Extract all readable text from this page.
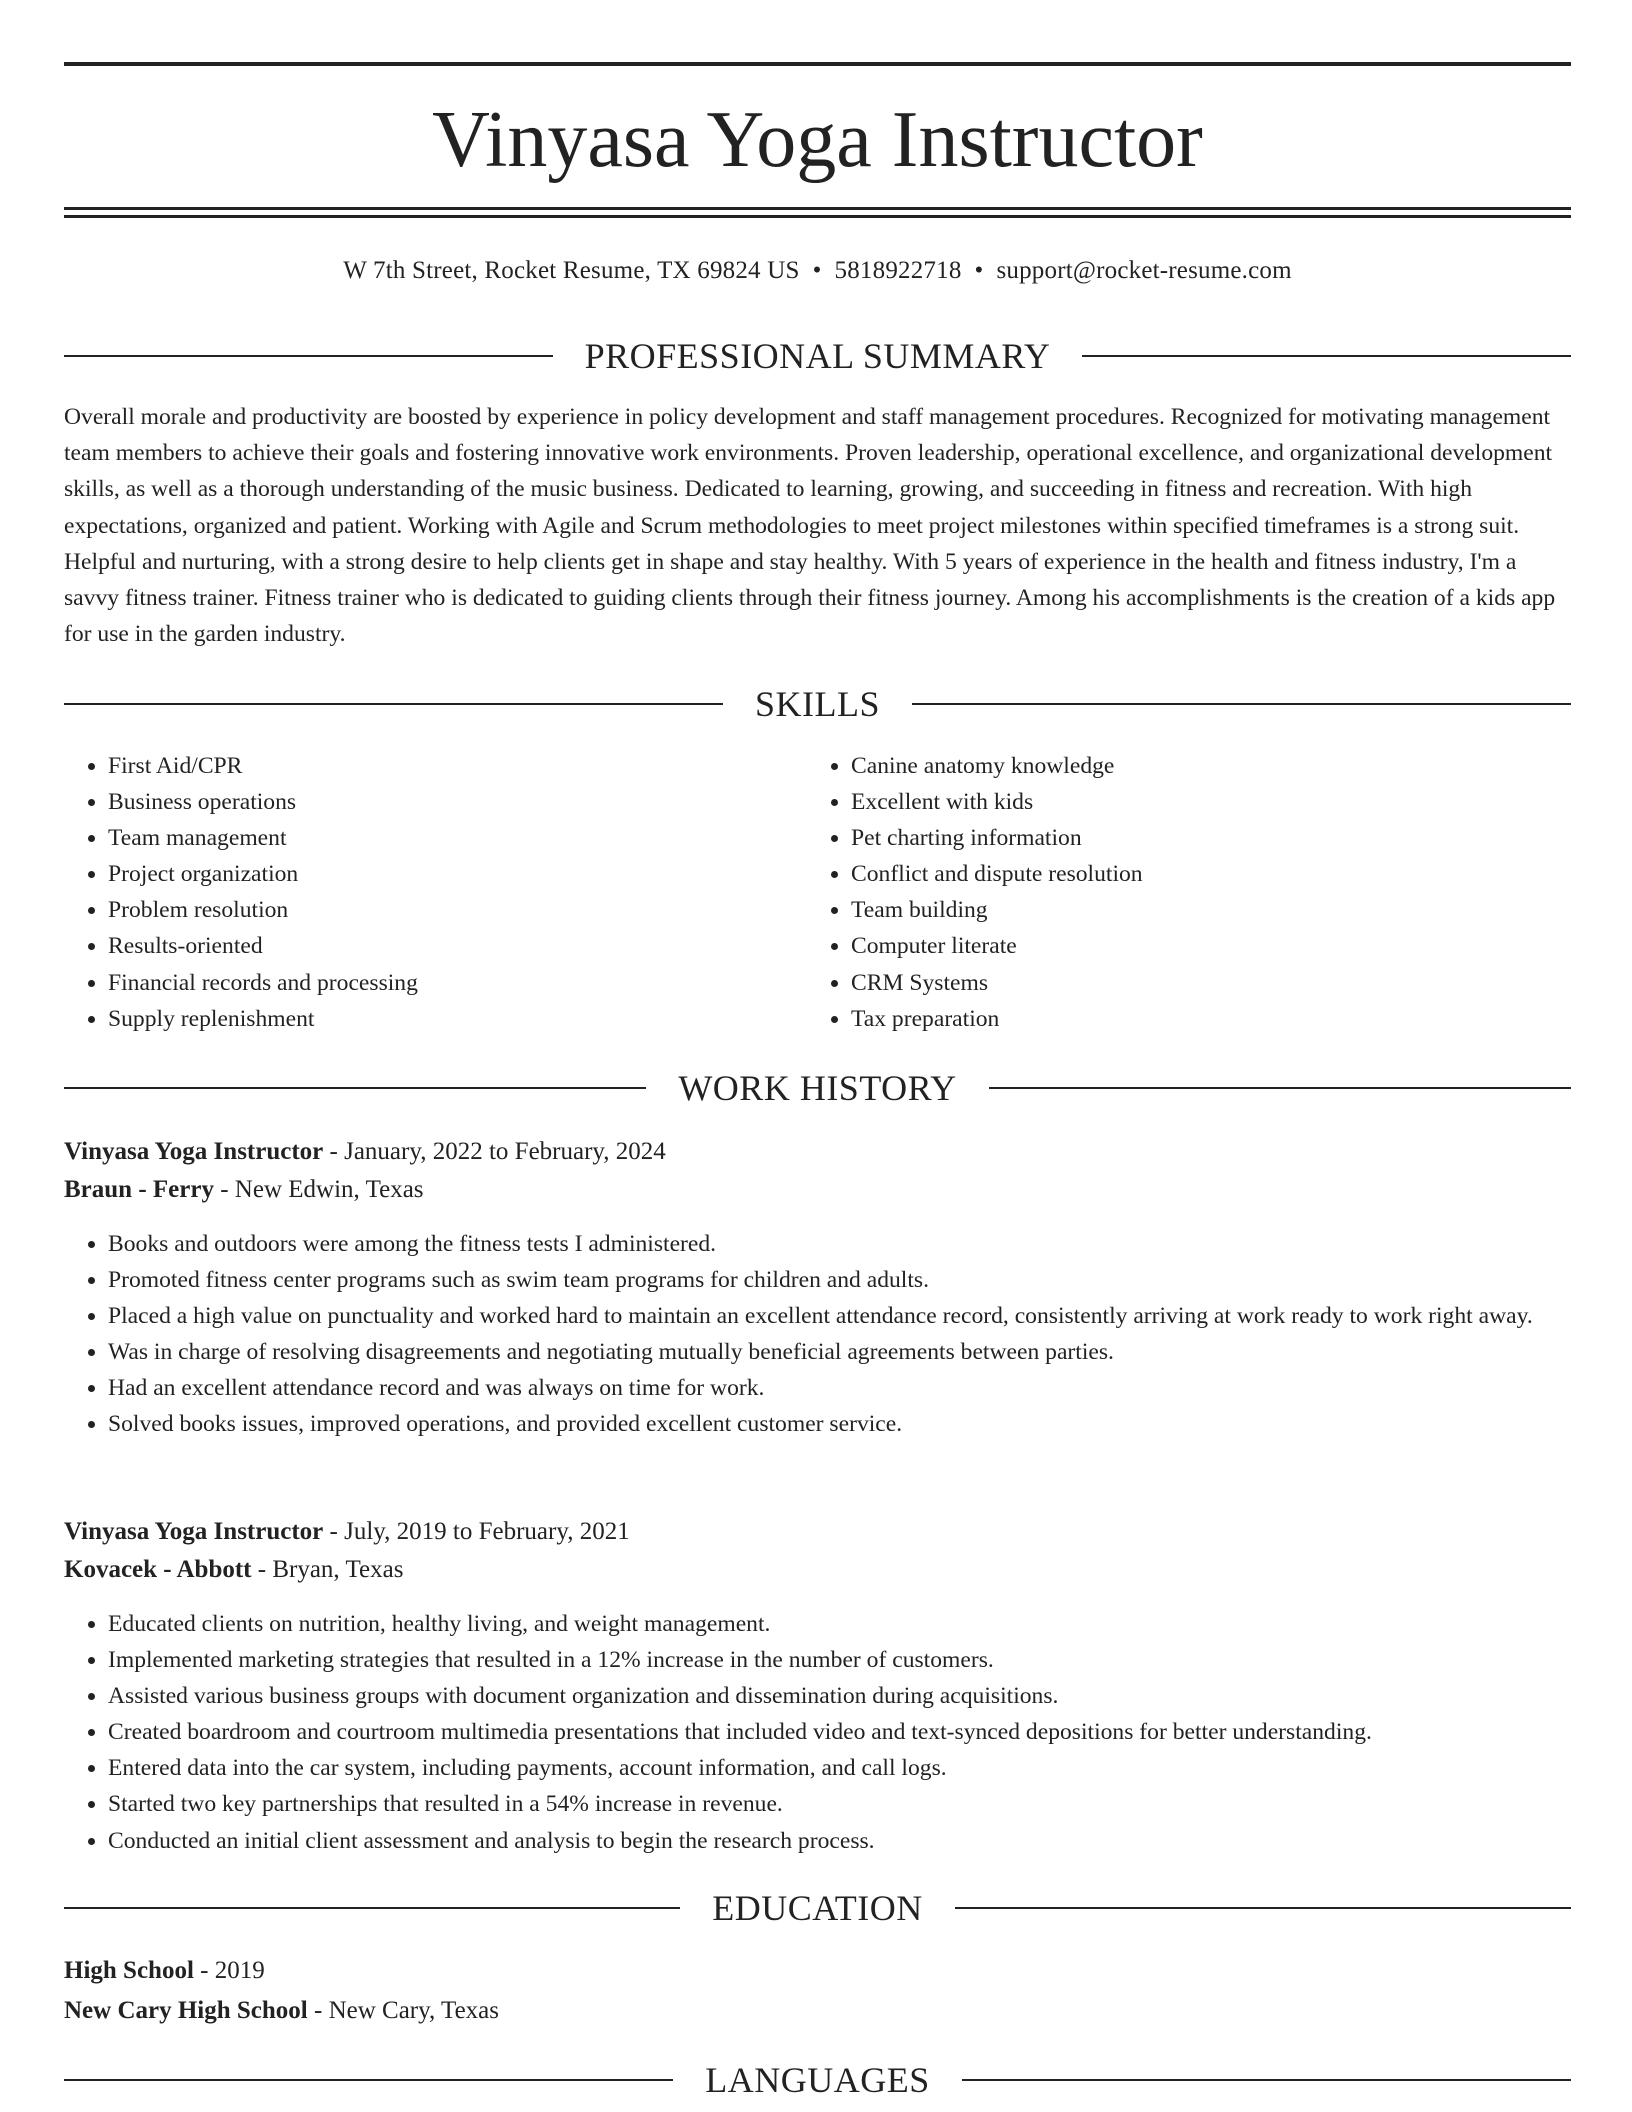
Vinyasa Yoga Instructor
W 7th Street, Rocket Resume, TX 69824 US • 5818922718 • support@rocket-resume.com
PROFESSIONAL SUMMARY

Overall morale and productivity are boosted by experience in policy development and staff management procedures. Recognized for motivating management team members to achieve their goals and fostering innovative work environments. Proven leadership, operational excellence, and organizational development skills, as well as a thorough understanding of the music business. Dedicated to learning, growing, and succeeding in fitness and recreation. With high expectations, organized and patient. Working with Agile and Scrum methodologies to meet project milestones within specified timeframes is a strong suit. Helpful and nurturing, with a strong desire to help clients get in shape and stay healthy. With 5 years of experience in the health and fitness industry, I'm a savvy fitness trainer. Fitness trainer who is dedicated to guiding clients through their fitness journey. Among his accomplishments is the creation of a kids app for use in the garden industry.

SKILLS
• First Aid/CPR
• Business operations
• Team management
• Project organization
• Problem resolution
• Results-oriented
• Financial records and processing
• Supply replenishment
• Canine anatomy knowledge
• Excellent with kids
• Pet charting information
• Conflict and dispute resolution
• Team building
• Computer literate
• CRM Systems
• Tax preparation
WORK HISTORY
Vinyasa Yoga Instructor - January, 2022 to February, 2024
Braun - Ferry - New Edwin, Texas
• Books and outdoors were among the fitness tests I administered.
• Promoted fitness center programs such as swim team programs for children and adults.
• Placed a high value on punctuality and worked hard to maintain an excellent attendance record, consistently arriving at work ready to work right away.
• Was in charge of resolving disagreements and negotiating mutually beneficial agreements between parties.
• Had an excellent attendance record and was always on time for work.
• Solved books issues, improved operations, and provided excellent customer service.
Vinyasa Yoga Instructor - July, 2019 to February, 2021
Kovacek - Abbott - Bryan, Texas
• Educated clients on nutrition, healthy living, and weight management.
• Implemented marketing strategies that resulted in a 12% increase in the number of customers.
• Assisted various business groups with document organization and dissemination during acquisitions.
• Created boardroom and courtroom multimedia presentations that included video and text-synced depositions for better understanding.
• Entered data into the car system, including payments, account information, and call logs.
• Started two key partnerships that resulted in a 54% increase in revenue.
• Conducted an initial client assessment and analysis to begin the research process.
EDUCATION
High School - 2019
New Cary High School - New Cary, Texas
LANGUAGES
